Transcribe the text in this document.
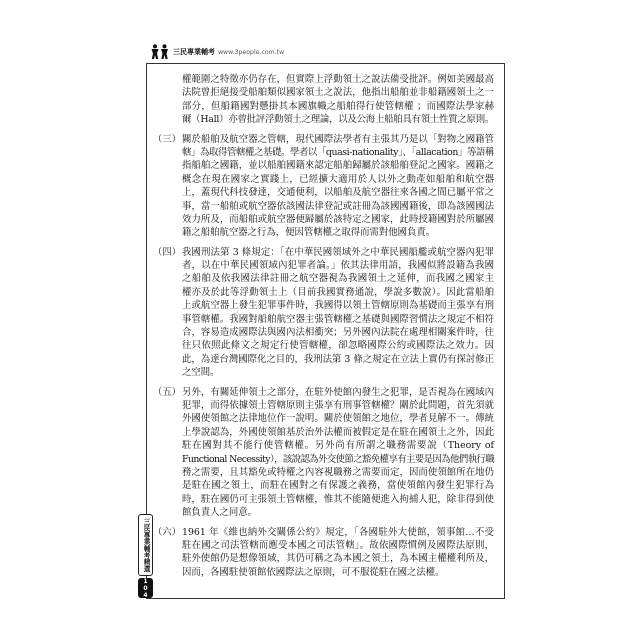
三民專業輔考 www.3people.com.tw
權範圍之特徵亦仍存在，但實際上浮動領土之說法備受批評。例如美國最高
法院曾拒絕接受船舶類似國家領土之說法，他指出船舶並非船籍國領土之一
部分，但船籍國對懸掛其本國旗幟之船舶得行使管轄權 ；而國際法學家赫
爾（Hall）亦曾批評浮動領土之理論，以及公海上船舶具有領土性質之原則。
（三） 關於船舶及航空器之管轄，現代國際法學者有主張其乃是以「對物之國籍管
轄」為取得管轄權之基礎。學者以「quasi-nationality」、「allacation」等語稱
指船舶之國籍，並以船舶國籍來認定船舶歸屬於該船舶登記之國家。國籍之
概念在現在國家之實踐上，已經擴大適用於人以外之動產如船舶和航空器
上，蓋現代科技發達，交通便利，以船舶及航空器往來各國之間已屬平常之
事，當一船舶或航空器依該國法律登記或註冊為該國國籍後，即為該國國法
效力所及，而船舶或航空器便歸屬於該特定之國家，此時授籍國對於所屬國
籍之船舶航空器之行為，便因管轄權之取得而需對他國負責。
（四） 我國刑法第 3 條規定：「在中華民國領域外之中華民國船艦或航空器內犯罪
者，以在中華民國領域內犯罪者論。」依其法律用語，我國似將設籍為我國
之船舶及依我國法律註冊之航空器視為我國領土之延伸，而我國之國家主
權亦及於此等浮動領土上（目前我國實務通說，學說多數說）。因此當船舶
上或航空器上發生犯罪事件時，我國得以領土管轄原則為基礎而主張享有刑
事管轄權。我國對船舶航空器主張管轄權之基礎與國際習慣法之規定不相符
合，容易造成國際法與國內法相衝突；另外國內法院在處理相關案件時，往
往只依照此條文之規定行使管轄權，卻忽略國際公約或國際法之效力。因
此，為達台灣國際化之目的，我刑法第 3 條之規定在立法上實仍有探討修正
之空間。
（五） 另外，有關延伸領土之部分，在駐外使館內發生之犯罪，是否視為在國域內
犯罪，而得依據領土管轄原則主張享有刑事管轄權？關於此問題，首先須就
外國使領館之法律地位作一說明。關於使領館之地位，學者見解不一。傳統
上學說認為，外國使領館基於治外法權而被假定是在駐在國領土之外，因此
駐在國對其不能行使管轄權。另外尚有所謂之職務需要說（Theory of
Functional Necessity），該說認為外交使節之豁免權享有主要是因為他們執行職
務之需要，且其豁免或特權之內容視職務之需要而定，因而使領館所在地仍
是駐在國之領土，而駐在國對之有保護之義務，當使領館內發生犯罪行為
時，駐在國仍可主張領土管轄權，惟其不能隨便進入拘捕人犯，除非得到使
館負責人之同意。
（六） 1961 年《維也納外交關係公約》規定，「各國駐外大使館，領事館…不受
駐在國之司法管轄而應受本國之司法管轄」。故依國際慣例及國際法原則，
駐外使館仍是想像領域，其仍可稱之為本國之領土，為本國主權權利所及，
因而，各國駐使領館依國際法之原則，可不服從駐在國之法權。
三民專業輔考精選
104
